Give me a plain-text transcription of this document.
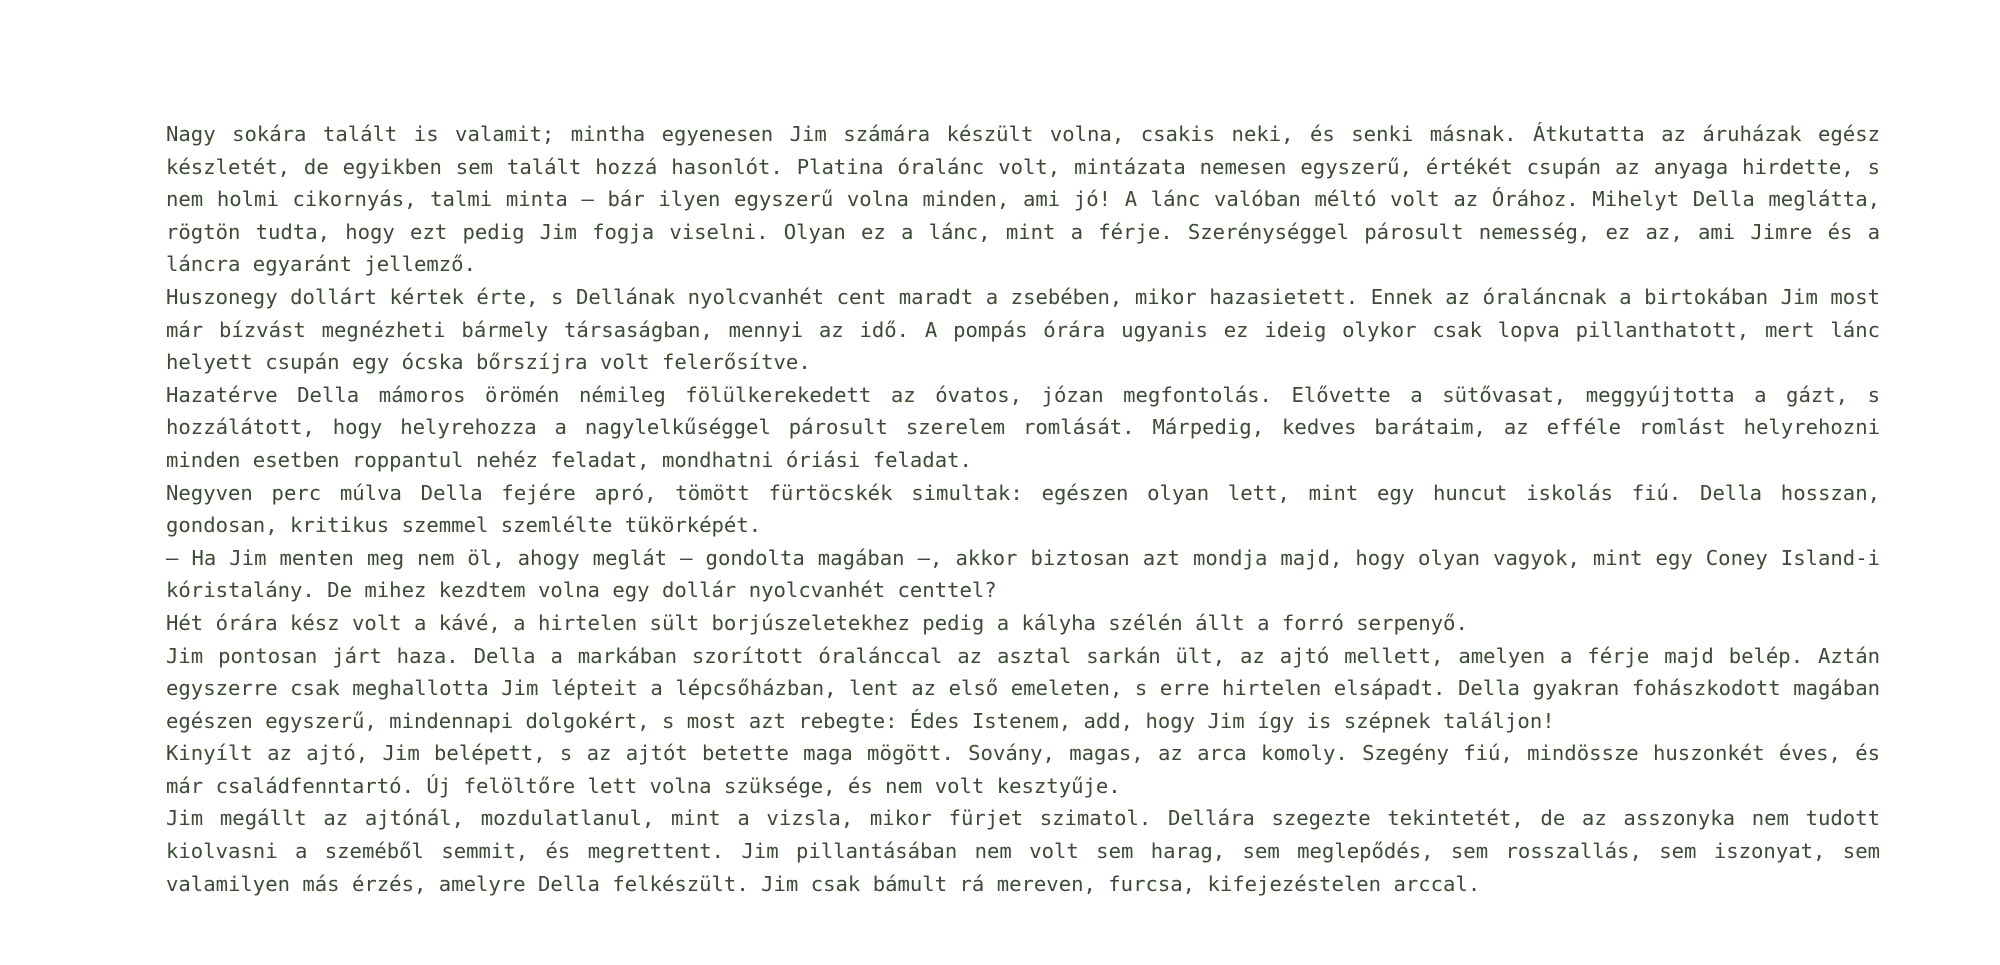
Nagy sokára talált is valamit; mintha egyenesen Jim számára készült volna, csakis neki, és senki másnak. Átkutatta az áruházak egész készletét, de egyikben sem talált hozzá hasonlót. Platina óralánc volt, mintázata nemesen egyszerű, értékét csupán az anyaga hirdette, s nem holmi cikornyás, talmi minta – bár ilyen egyszerű volna minden, ami jó! A lánc valóban méltó volt az Órához. Mihelyt Della meglátta, rögtön tudta, hogy ezt pedig Jim fogja viselni. Olyan ez a lánc, mint a férje. Szerénységgel párosult nemesség, ez az, ami Jimre és a láncra egyaránt jellemző.

Huszonegy dollárt kértek érte, s Dellának nyolcvanhét cent maradt a zsebében, mikor hazasietett. Ennek az óraláncnak a birtokában Jim most már bízvást megnézheti bármely társaságban, mennyi az idő. A pompás órára ugyanis ez ideig olykor csak lopva pillanthatott, mert lánc helyett csupán egy ócska bőrszíjra volt felerősítve.

Hazatérve Della mámoros örömén némileg fölülkerekedett az óvatos, józan megfontolás. Elővette a sütővasat, meggyújtotta a gázt, s hozzálátott, hogy helyrehozza a nagylelkűséggel párosult szerelem romlását. Márpedig, kedves barátaim, az efféle romlást helyrehozni minden esetben roppantul nehéz feladat, mondhatni óriási feladat.

Negyven perc múlva Della fejére apró, tömött fürtöcskék simultak: egészen olyan lett, mint egy huncut iskolás fiú. Della hosszan, gondosan, kritikus szemmel szemlélte tükörképét.

– Ha Jim menten meg nem öl, ahogy meglát – gondolta magában –, akkor biztosan azt mondja majd, hogy olyan vagyok, mint egy Coney Island-i kóristalány. De mihez kezdtem volna egy dollár nyolcvanhét centtel?

Hét órára kész volt a kávé, a hirtelen sült borjúszeletekhez pedig a kályha szélén állt a forró serpenyő.

Jim pontosan járt haza. Della a markában szorított óralánccal az asztal sarkán ült, az ajtó mellett, amelyen a férje majd belép. Aztán egyszerre csak meghallotta Jim lépteit a lépcsőházban, lent az első emeleten, s erre hirtelen elsápadt. Della gyakran fohászkodott magában egészen egyszerű, mindennapi dolgokért, s most azt rebegte: Édes Istenem, add, hogy Jim így is szépnek találjon!

Kinyílt az ajtó, Jim belépett, s az ajtót betette maga mögött. Sovány, magas, az arca komoly. Szegény fiú, mindössze huszonkét éves, és már családfenntartó. Új felöltőre lett volna szüksége, és nem volt kesztyűje.

Jim megállt az ajtónál, mozdulatlanul, mint a vizsla, mikor fürjet szimatol. Dellára szegezte tekintetét, de az asszonyka nem tudott kiolvasni a szeméből semmit, és megrettent. Jim pillantásában nem volt sem harag, sem meglepődés, sem rosszallás, sem iszonyat, sem valamilyen más érzés, amelyre Della felkészült. Jim csak bámult rá mereven, furcsa, kifejezéstelen arccal.
